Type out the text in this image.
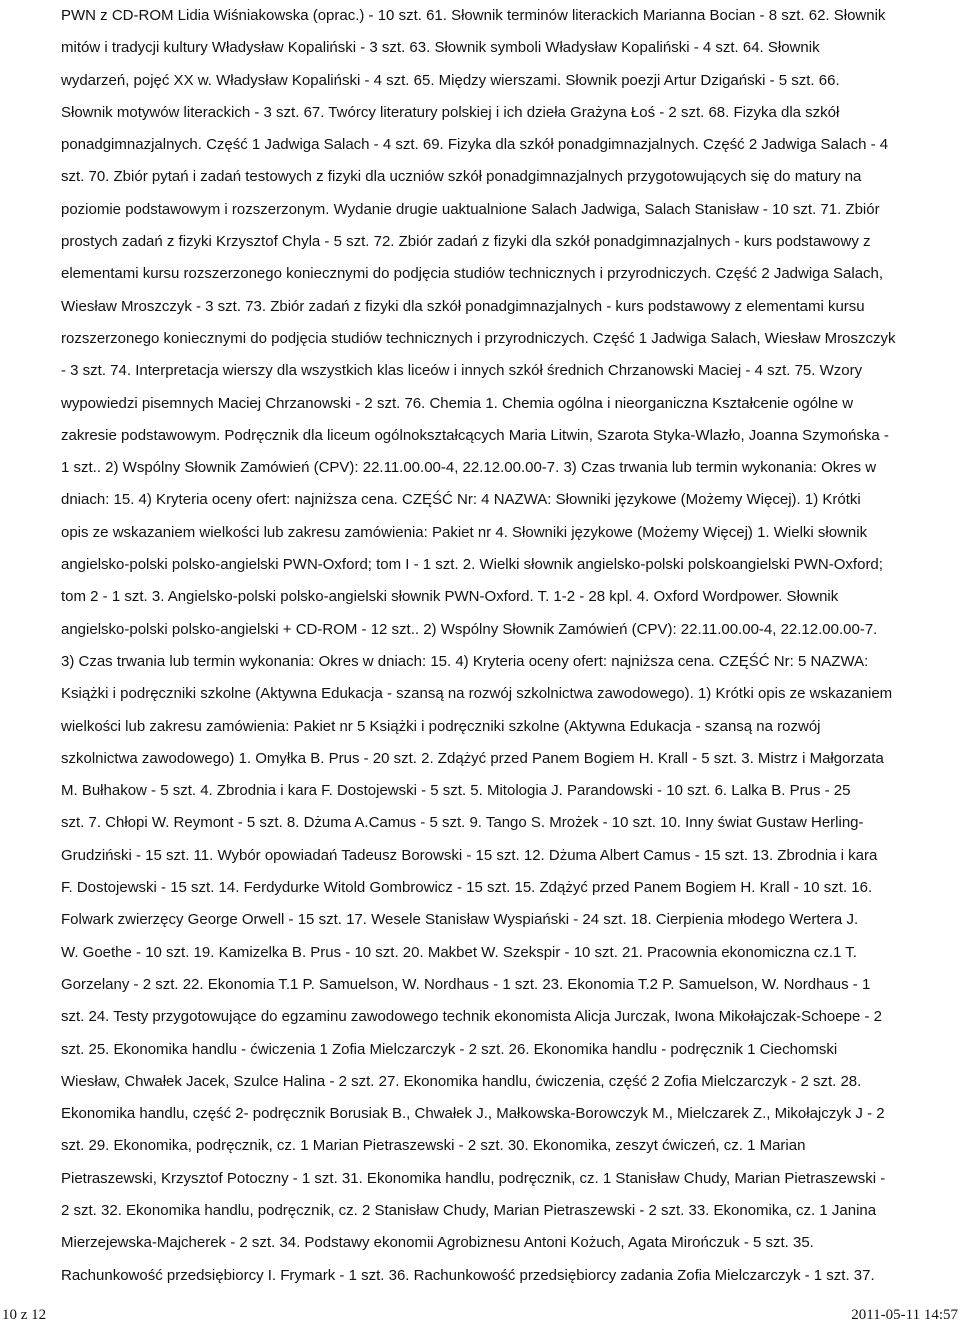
PWN z CD-ROM Lidia Wiśniakowska (oprac.) - 10 szt. 61. Słownik terminów literackich Marianna Bocian - 8 szt. 62. Słownik
mitów i tradycji kultury Władysław Kopaliński - 3 szt. 63. Słownik symboli Władysław Kopaliński - 4 szt. 64. Słownik
wydarzeń, pojęć XX w. Władysław Kopaliński - 4 szt. 65. Między wierszami. Słownik poezji Artur Dzigański - 5 szt. 66.
Słownik motywów literackich - 3 szt. 67. Twórcy literatury polskiej i ich dzieła Grażyna Łoś - 2 szt. 68. Fizyka dla szkół
ponadgimnazjalnych. Część 1 Jadwiga Salach - 4 szt. 69. Fizyka dla szkół ponadgimnazjalnych. Część 2 Jadwiga Salach - 4
szt. 70. Zbiór pytań i zadań testowych z fizyki dla uczniów szkół ponadgimnazjalnych przygotowujących się do matury na
poziomie podstawowym i rozszerzonym. Wydanie drugie uaktualnione Salach Jadwiga, Salach Stanisław - 10 szt. 71. Zbiór
prostych zadań z fizyki Krzysztof Chyla - 5 szt. 72. Zbiór zadań z fizyki dla szkół ponadgimnazjalnych - kurs podstawowy z
elementami kursu rozszerzonego koniecznymi do podjęcia studiów technicznych i przyrodniczych. Część 2 Jadwiga Salach,
Wiesław Mroszczyk - 3 szt. 73. Zbiór zadań z fizyki dla szkół ponadgimnazjalnych - kurs podstawowy z elementami kursu
rozszerzonego koniecznymi do podjęcia studiów technicznych i przyrodniczych. Część 1 Jadwiga Salach, Wiesław Mroszczyk
- 3 szt. 74. Interpretacja wierszy dla wszystkich klas liceów i innych szkół średnich Chrzanowski Maciej - 4 szt. 75. Wzory
wypowiedzi pisemnych Maciej Chrzanowski - 2 szt. 76. Chemia 1. Chemia ogólna i nieorganiczna Kształcenie ogólne w
zakresie podstawowym. Podręcznik dla liceum ogólnokształcących Maria Litwin, Szarota Styka-Wlazło, Joanna Szymońska -
1 szt.. 2) Wspólny Słownik Zamówień (CPV): 22.11.00.00-4, 22.12.00.00-7. 3) Czas trwania lub termin wykonania: Okres w
dniach: 15. 4) Kryteria oceny ofert: najniższa cena. CZĘŚĆ Nr: 4 NAZWA: Słowniki językowe (Możemy Więcej). 1) Krótki
opis ze wskazaniem wielkości lub zakresu zamówienia: Pakiet nr 4. Słowniki językowe (Możemy Więcej) 1. Wielki słownik
angielsko-polski polsko-angielski PWN-Oxford; tom I - 1 szt. 2. Wielki słownik angielsko-polski polskoangielski PWN-Oxford;
tom 2 - 1 szt. 3. Angielsko-polski polsko-angielski słownik PWN-Oxford. T. 1-2 - 28 kpl. 4. Oxford Wordpower. Słownik
angielsko-polski polsko-angielski + CD-ROM - 12 szt.. 2) Wspólny Słownik Zamówień (CPV): 22.11.00.00-4, 22.12.00.00-7.
3) Czas trwania lub termin wykonania: Okres w dniach: 15. 4) Kryteria oceny ofert: najniższa cena. CZĘŚĆ Nr: 5 NAZWA:
Książki i podręczniki szkolne (Aktywna Edukacja - szansą na rozwój szkolnictwa zawodowego). 1) Krótki opis ze wskazaniem
wielkości lub zakresu zamówienia: Pakiet nr 5 Książki i podręczniki szkolne (Aktywna Edukacja - szansą na rozwój
szkolnictwa zawodowego) 1. Omyłka B. Prus - 20 szt. 2. Zdążyć przed Panem Bogiem H. Krall - 5 szt. 3. Mistrz i Małgorzata
M. Bułhakow - 5 szt. 4. Zbrodnia i kara F. Dostojewski - 5 szt. 5. Mitologia J. Parandowski - 10 szt. 6. Lalka B. Prus - 25
szt. 7. Chłopi W. Reymont - 5 szt. 8. Dżuma A.Camus - 5 szt. 9. Tango S. Mrożek - 10 szt. 10. Inny świat Gustaw Herling-
Grudziński - 15 szt. 11. Wybór opowiadań Tadeusz Borowski - 15 szt. 12. Dżuma Albert Camus - 15 szt. 13. Zbrodnia i kara
F. Dostojewski - 15 szt. 14. Ferdydurke Witold Gombrowicz - 15 szt. 15. Zdążyć przed Panem Bogiem H. Krall - 10 szt. 16.
Folwark zwierzęcy George Orwell - 15 szt. 17. Wesele Stanisław Wyspiański - 24 szt. 18. Cierpienia młodego Wertera J.
W. Goethe - 10 szt. 19. Kamizelka B. Prus - 10 szt. 20. Makbet W. Szekspir - 10 szt. 21. Pracownia ekonomiczna cz.1 T.
Gorzelany - 2 szt. 22. Ekonomia T.1 P. Samuelson, W. Nordhaus - 1 szt. 23. Ekonomia T.2 P. Samuelson, W. Nordhaus - 1
szt. 24. Testy przygotowujące do egzaminu zawodowego technik ekonomista Alicja Jurczak, Iwona Mikołajczak-Schoepe - 2
szt. 25. Ekonomika handlu - ćwiczenia 1 Zofia Mielczarczyk - 2 szt. 26. Ekonomika handlu - podręcznik 1 Ciechomski
Wiesław, Chwałek Jacek, Szulce Halina - 2 szt. 27. Ekonomika handlu, ćwiczenia, część 2 Zofia Mielczarczyk - 2 szt. 28.
Ekonomika handlu, część 2- podręcznik Borusiak B., Chwałek J., Małkowska-Borowczyk M., Mielczarek Z., Mikołajczyk J - 2
szt. 29. Ekonomika, podręcznik, cz. 1 Marian Pietraszewski - 2 szt. 30. Ekonomika, zeszyt ćwiczeń, cz. 1 Marian
Pietraszewski, Krzysztof Potoczny - 1 szt. 31. Ekonomika handlu, podręcznik, cz. 1 Stanisław Chudy, Marian Pietraszewski -
2 szt. 32. Ekonomika handlu, podręcznik, cz. 2 Stanisław Chudy, Marian Pietraszewski - 2 szt. 33. Ekonomika, cz. 1 Janina
Mierzejewska-Majcherek - 2 szt. 34. Podstawy ekonomii Agrobiznesu Antoni Kożuch, Agata Mirończuk - 5 szt. 35.
Rachunkowość przedsiębiorcy I. Frymark - 1 szt. 36. Rachunkowość przedsiębiorcy zadania Zofia Mielczarczyk - 1 szt. 37.
10 z 12	2011-05-11 14:57
